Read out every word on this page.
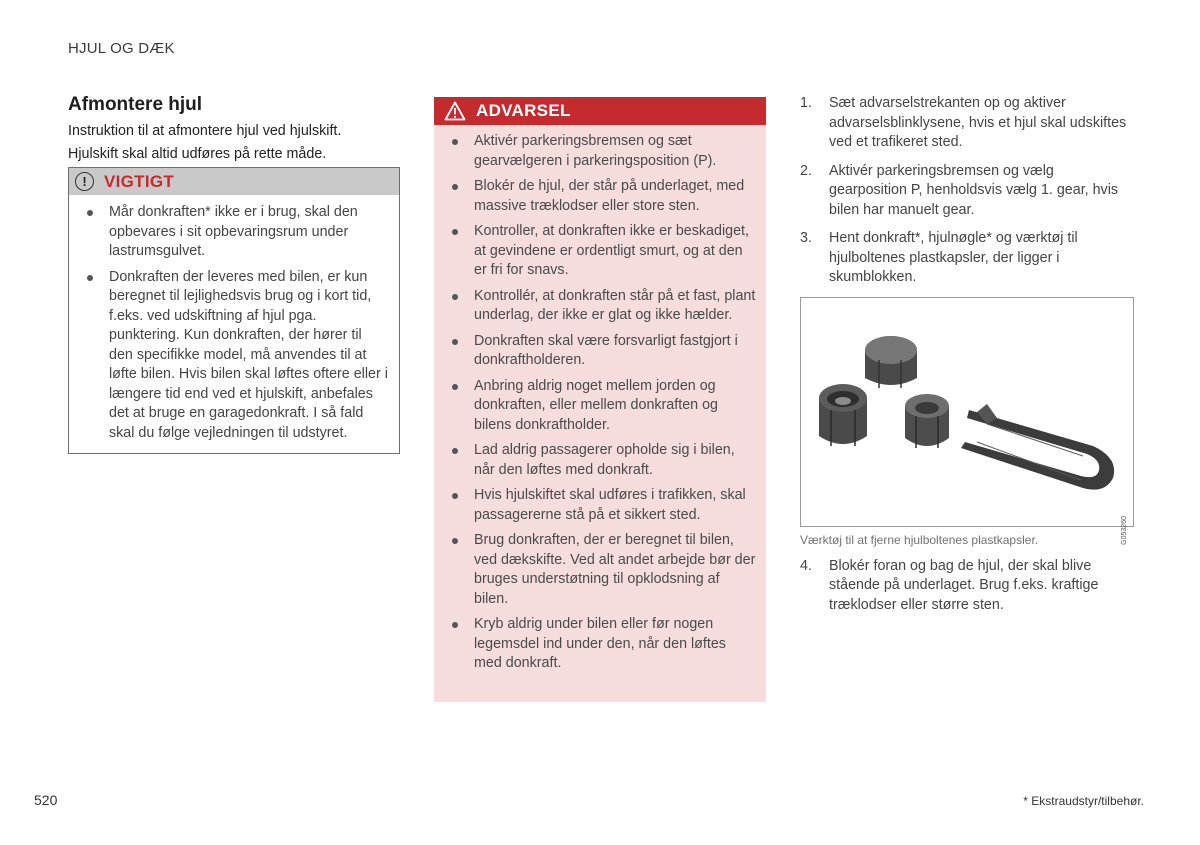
HJUL OG DÆK
Afmontere hjul
Instruktion til at afmontere hjul ved hjulskift.
Hjulskift skal altid udføres på rette måde.
!	VIGTIGT
Mår donkraften* ikke er i brug, skal den opbevares i sit opbevaringsrum under lastrumsgulvet.
Donkraften der leveres med bilen, er kun beregnet til lejlighedsvis brug og i kort tid, f.eks. ved udskiftning af hjul pga. punktering. Kun donkraften, der hører til den specifikke model, må anvendes til at løfte bilen. Hvis bilen skal løftes oftere eller i længere tid end ved et hjulskift, anbefales det at bruge en garagedonkraft. I så fald skal du følge vejledningen til udstyret.
ADVARSEL
Aktivér parkeringsbremsen og sæt gearvælgeren i parkeringsposition (P).
Blokér de hjul, der står på underlaget, med massive træklodser eller store sten.
Kontroller, at donkraften ikke er beskadiget, at gevindene er ordentligt smurt, og at den er fri for snavs.
Kontrollér, at donkraften står på et fast, plant underlag, der ikke er glat og ikke hælder.
Donkraften skal være forsvarligt fastgjort i donkraftholderen.
Anbring aldrig noget mellem jorden og donkraften, eller mellem donkraften og bilens donkraftholder.
Lad aldrig passagerer opholde sig i bilen, når den løftes med donkraft.
Hvis hjulskiftet skal udføres i trafikken, skal passagererne stå på et sikkert sted.
Brug donkraften, der er beregnet til bilen, ved dækskifte. Ved alt andet arbejde bør der bruges understøtning til opklodsning af bilen.
Kryb aldrig under bilen eller før nogen legemsdel ind under den, når den løftes med donkraft.
1. Sæt advarselstrekanten op og aktiver advarselsblinklysene, hvis et hjul skal udskiftes ved et trafikeret sted.
2. Aktivér parkeringsbremsen og vælg gearposition P, henholdsvis vælg 1. gear, hvis bilen har manuelt gear.
3. Hent donkraft*, hjulnøgle* og værktøj til hjulboltenes plastkapsler, der ligger i skumblokken.
G053260
Værktøj til at fjerne hjulboltenes plastkapsler.
4. Blokér foran og bag de hjul, der skal blive stående på underlaget. Brug f.eks. kraftige træklodser eller større sten.
520	* Ekstraudstyr/tilbehør.
